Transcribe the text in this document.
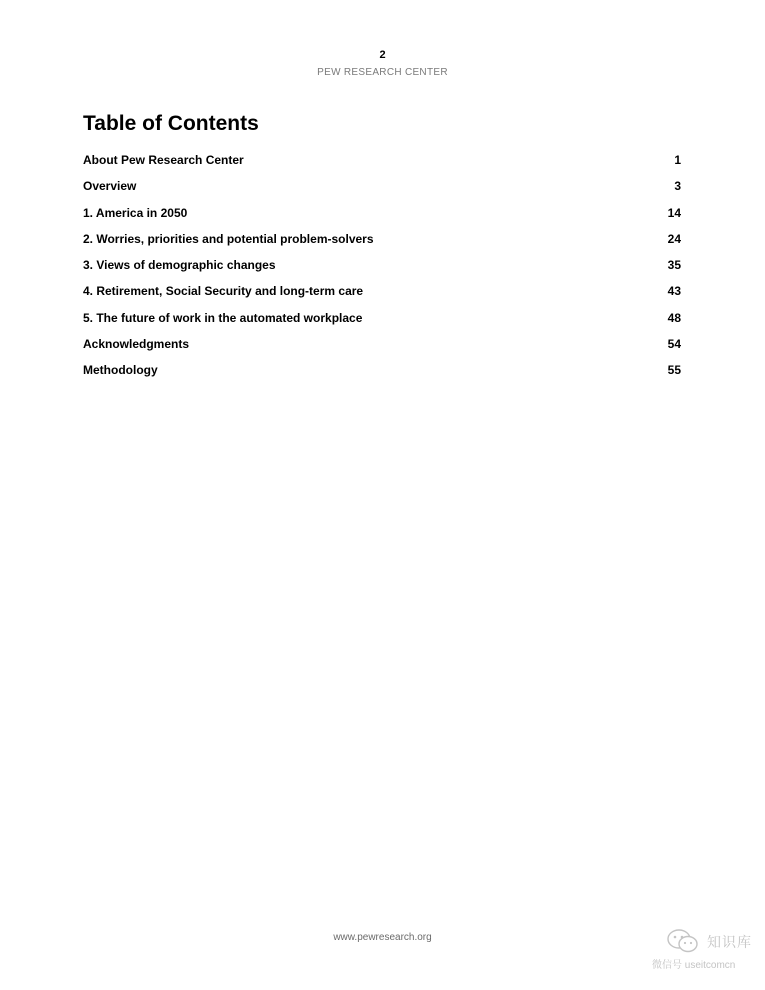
2
PEW RESEARCH CENTER
Table of Contents
About Pew Research Center	1
Overview	3
1. America in 2050	14
2. Worries, priorities and potential problem-solvers	24
3. Views of demographic changes	35
4. Retirement, Social Security and long-term care	43
5. The future of work in the automated workplace	48
Acknowledgments	54
Methodology	55
www.pewresearch.org	知识库
微信号 useitcomcn
